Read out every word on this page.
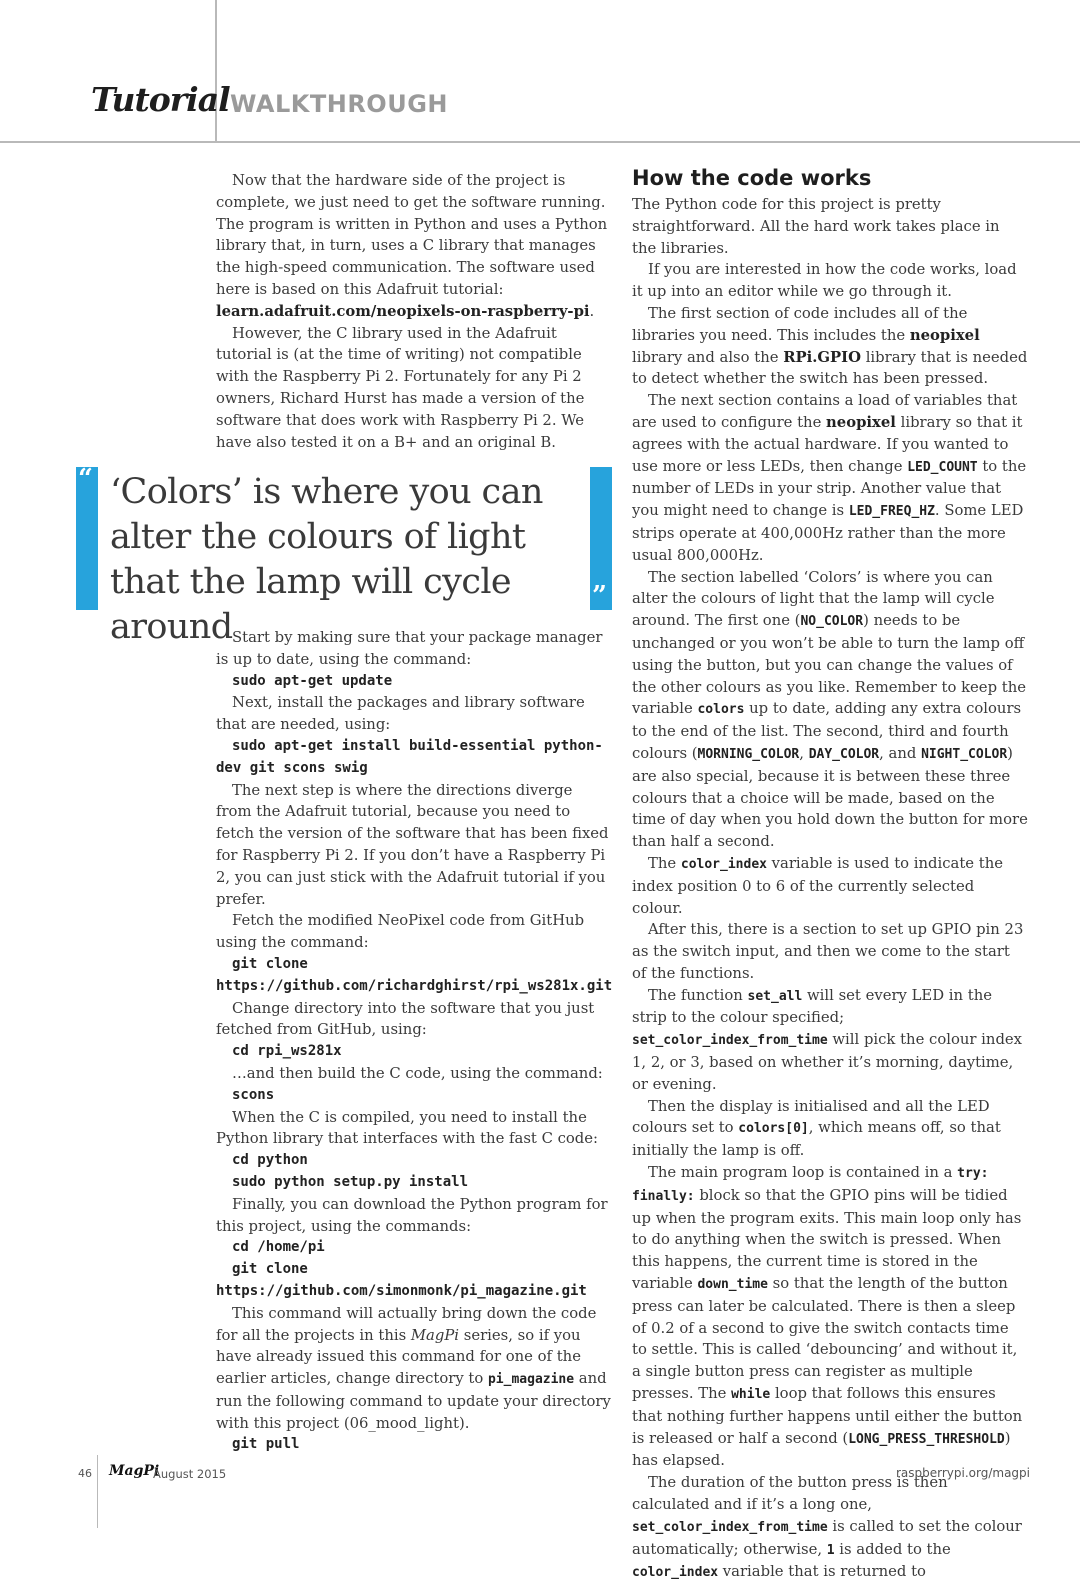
Tutorial WALKTHROUGH

Now that the hardware side of the project is complete, we just need to get the software running. The program is written in Python and uses a Python library that, in turn, uses a C library that manages the high-speed communication. The software used here is based on this Adafruit tutorial: learn.adafruit.com/neopixels-on-raspberry-pi.

However, the C library used in the Adafruit tutorial is (at the time of writing) not compatible with the Raspberry Pi 2. Fortunately for any Pi 2 owners, Richard Hurst has made a version of the software that does work with Raspberry Pi 2. We have also tested it on a B+ and an original B.

“
”
‘Colors’ is where you can alter the colours of light that the lamp will cycle around Start by making sure that your package manager is up to date, using the command:

sudo apt-get update

Next, install the packages and library software that are needed, using:

sudo apt-get install build-essential python-dev git scons swig

The next step is where the directions diverge from the Adafruit tutorial, because you need to fetch the version of the software that has been fixed for Raspberry Pi 2. If you don’t have a Raspberry Pi 2, you can just stick with the Adafruit tutorial if you prefer.

Fetch the modified NeoPixel code from GitHub using the command:

git clone https://github.com/richardghirst/rpi_ws281x.git

Change directory into the software that you just fetched from GitHub, using:

cd rpi_ws281x

…and then build the C code, using the command:

scons

When the C is compiled, you need to install the Python library that interfaces with the fast C code:

cd python
sudo python setup.py install

Finally, you can download the Python program for this project, using the commands:

cd /home/pi
git clone https://github.com/simonmonk/pi_magazine.git

This command will actually bring down the code for all the projects in this MagPi series, so if you have already issued this command for one of the earlier articles, change directory to pi_magazine and run the following command to update your directory with this project (06_mood_light).

git pull
How the code works

The Python code for this project is pretty straightforward. All the hard work takes place in the libraries.

If you are interested in how the code works, load it up into an editor while we go through it.

The first section of code includes all of the libraries you need. This includes the neopixel library and also the RPi.GPIO library that is needed to detect whether the switch has been pressed.

The next section contains a load of variables that are used to configure the neopixel library so that it agrees with the actual hardware. If you wanted to use more or less LEDs, then change LED_COUNT to the number of LEDs in your strip. Another value that you might need to change is LED_FREQ_HZ. Some LED strips operate at 400,000Hz rather than the more usual 800,000Hz.

The section labelled ‘Colors’ is where you can alter the colours of light that the lamp will cycle around. The first one (NO_COLOR) needs to be unchanged or you won’t be able to turn the lamp off using the button, but you can change the values of the other colours as you like. Remember to keep the variable colors up to date, adding any extra colours to the end of the list. The second, third and fourth colours (MORNING_COLOR, DAY_COLOR, and NIGHT_COLOR) are also special, because it is between these three colours that a choice will be made, based on the time of day when you hold down the button for more than half a second.

The color_index variable is used to indicate the index position 0 to 6 of the currently selected colour.

After this, there is a section to set up GPIO pin 23 as the switch input, and then we come to the start of the functions.

The function set_all will set every LED in the strip to the colour specified; set_color_index_from_time will pick the colour index 1, 2, or 3, based on whether it’s morning, daytime, or evening.

Then the display is initialised and all the LED colours set to colors[0], which means off, so that initially the lamp is off.

The main program loop is contained in a try: finally: block so that the GPIO pins will be tidied up when the program exits. This main loop only has to do anything when the switch is pressed. When this happens, the current time is stored in the variable down_time so that the length of the button press can later be calculated. There is then a sleep of 0.2 of a second to give the switch contacts time to settle. This is called ‘debouncing’ and without it, a single button press can register as multiple presses. The while loop that follows this ensures that nothing further happens until either the button is released or half a second (LONG_PRESS_THRESHOLD) has elapsed.

The duration of the button press is then calculated and if it’s a long one, set_color_index_from_time is called to set the colour automatically; otherwise, 1 is added to the color_index variable that is returned to

46 MagPi
August 2015	raspberrypi.org/magpi
